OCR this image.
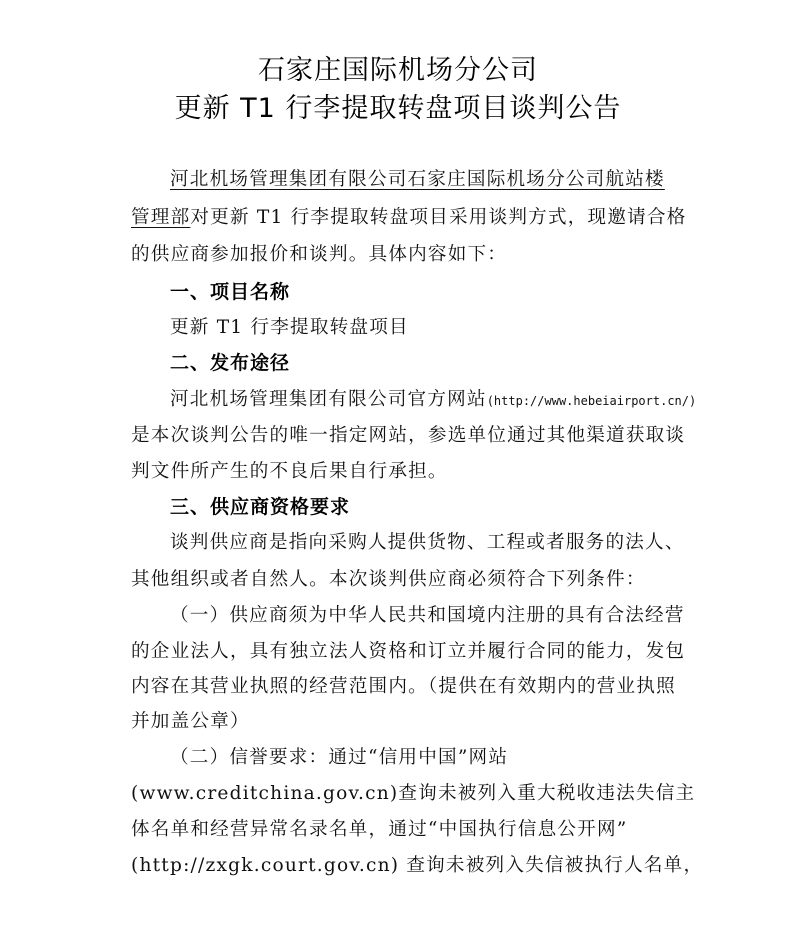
石家庄国际机场分公司
更新 T1 行李提取转盘项目谈判公告
河北机场管理集团有限公司石家庄国际机场分公司航站楼
管理部对更新 T1 行李提取转盘项目采用谈判方式，现邀请合格
的供应商参加报价和谈判。具体内容如下：
一、项目名称
更新 T1 行李提取转盘项目
二、发布途径
河北机场管理集团有限公司官方网站(http://www.hebeiairport.cn/)
是本次谈判公告的唯一指定网站，参选单位通过其他渠道获取谈
判文件所产生的不良后果自行承担。
三、供应商资格要求
谈判供应商是指向采购人提供货物、工程或者服务的法人、
其他组织或者自然人。本次谈判供应商必须符合下列条件：
（一）供应商须为中华人民共和国境内注册的具有合法经营
的企业法人，具有独立法人资格和订立并履行合同的能力，发包
内容在其营业执照的经营范围内。（提供在有效期内的营业执照
并加盖公章）
（二）信誉要求：通过“信用中国”网站
(www.creditchina.gov.cn)查询未被列入重大税收违法失信主
体名单和经营异常名录名单，通过“中国执行信息公开网”
(http://zxgk.court.gov.cn) 查询未被列入失信被执行人名单，
